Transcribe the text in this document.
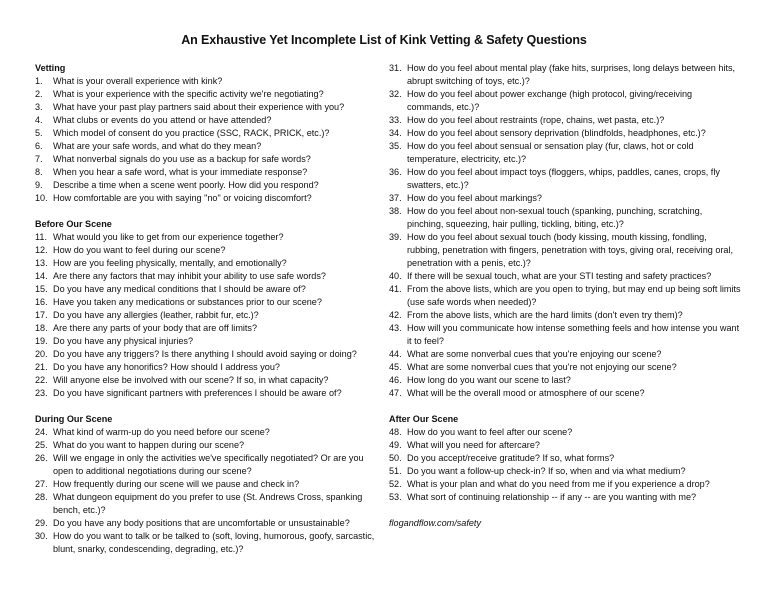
An Exhaustive Yet Incomplete List of Kink Vetting & Safety Questions
Vetting
1.	What is your overall experience with kink?
2.	What is your experience with the specific activity we're negotiating?
3.	What have your past play partners said about their experience with you?
4.	What clubs or events do you attend or have attended?
5.	Which model of consent do you practice (SSC, RACK, PRICK, etc.)?
6.	What are your safe words, and what do they mean?
7.	What nonverbal signals do you use as a backup for safe words?
8.	When you hear a safe word, what is your immediate response?
9.	Describe a time when a scene went poorly. How did you respond?
10. How comfortable are you with saying "no" or voicing discomfort?
Before Our Scene
11. What would you like to get from our experience together?
12. How do you want to feel during our scene?
13. How are you feeling physically, mentally, and emotionally?
14. Are there any factors that may inhibit your ability to use safe words?
15. Do you have any medical conditions that I should be aware of?
16. Have you taken any medications or substances prior to our scene?
17. Do you have any allergies (leather, rabbit fur, etc.)?
18. Are there any parts of your body that are off limits?
19. Do you have any physical injuries?
20. Do you have any triggers? Is there anything I should avoid saying or doing?
21. Do you have any honorifics? How should I address you?
22. Will anyone else be involved with our scene? If so, in what capacity?
23. Do you have significant partners with preferences I should be aware of?
During Our Scene
24. What kind of warm-up do you need before our scene?
25. What do you want to happen during our scene?
26. Will we engage in only the activities we've specifically negotiated? Or are you open to additional negotiations during our scene?
27. How frequently during our scene will we pause and check in?
28. What dungeon equipment do you prefer to use (St. Andrews Cross, spanking bench, etc.)?
29. Do you have any body positions that are uncomfortable or unsustainable?
30. How do you want to talk or be talked to (soft, loving, humorous, goofy, sarcastic, blunt, snarky, condescending, degrading, etc.)?
31. How do you feel about mental play (fake hits, surprises, long delays between hits, abrupt switching of toys, etc.)?
32. How do you feel about power exchange (high protocol, giving/receiving commands, etc.)?
33. How do you feel about restraints (rope, chains, wet pasta, etc.)?
34. How do you feel about sensory deprivation (blindfolds, headphones, etc.)?
35. How do you feel about sensual or sensation play (fur, claws, hot or cold temperature, electricity, etc.)?
36. How do you feel about impact toys (floggers, whips, paddles, canes, crops, fly swatters, etc.)?
37. How do you feel about markings?
38. How do you feel about non-sexual touch (spanking, punching, scratching, pinching, squeezing, hair pulling, tickling, biting, etc.)?
39. How do you feel about sexual touch (body kissing, mouth kissing, fondling, rubbing, penetration with fingers, penetration with toys, giving oral, receiving oral, penetration with a penis, etc.)?
40. If there will be sexual touch, what are your STI testing and safety practices?
41. From the above lists, which are you open to trying, but may end up being soft limits (use safe words when needed)?
42. From the above lists, which are the hard limits (don't even try them)?
43. How will you communicate how intense something feels and how intense you want it to feel?
44. What are some nonverbal cues that you're enjoying our scene?
45. What are some nonverbal cues that you're not enjoying our scene?
46. How long do you want our scene to last?
47. What will be the overall mood or atmosphere of our scene?
After Our Scene
48. How do you want to feel after our scene?
49. What will you need for aftercare?
50. Do you accept/receive gratitude? If so, what forms?
51. Do you want a follow-up check-in? If so, when and via what medium?
52. What is your plan and what do you need from me if you experience a drop?
53. What sort of continuing relationship -- if any -- are you wanting with me?
flogandflow.com/safety
